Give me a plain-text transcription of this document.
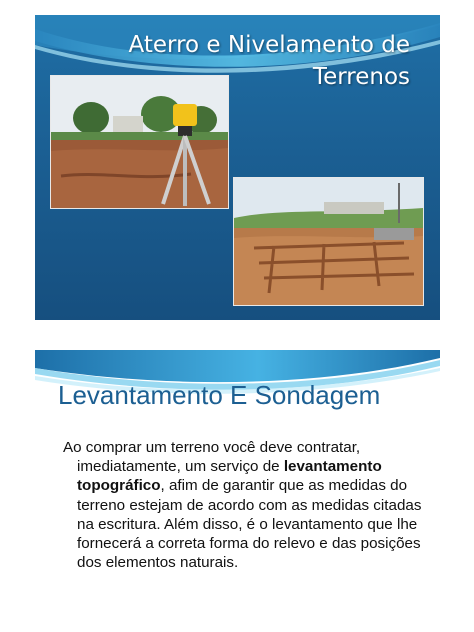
Aterro e Nivelamento de Terrenos
Levantamento E Sondagem
Ao comprar um terreno você deve contratar, imediatamente, um serviço de levantamento topográfico, afim de garantir que as medidas do terreno estejam de acordo com as medidas citadas na escritura. Além disso, é o levantamento que lhe fornecerá a correta forma do relevo e das posições dos elementos naturais.
